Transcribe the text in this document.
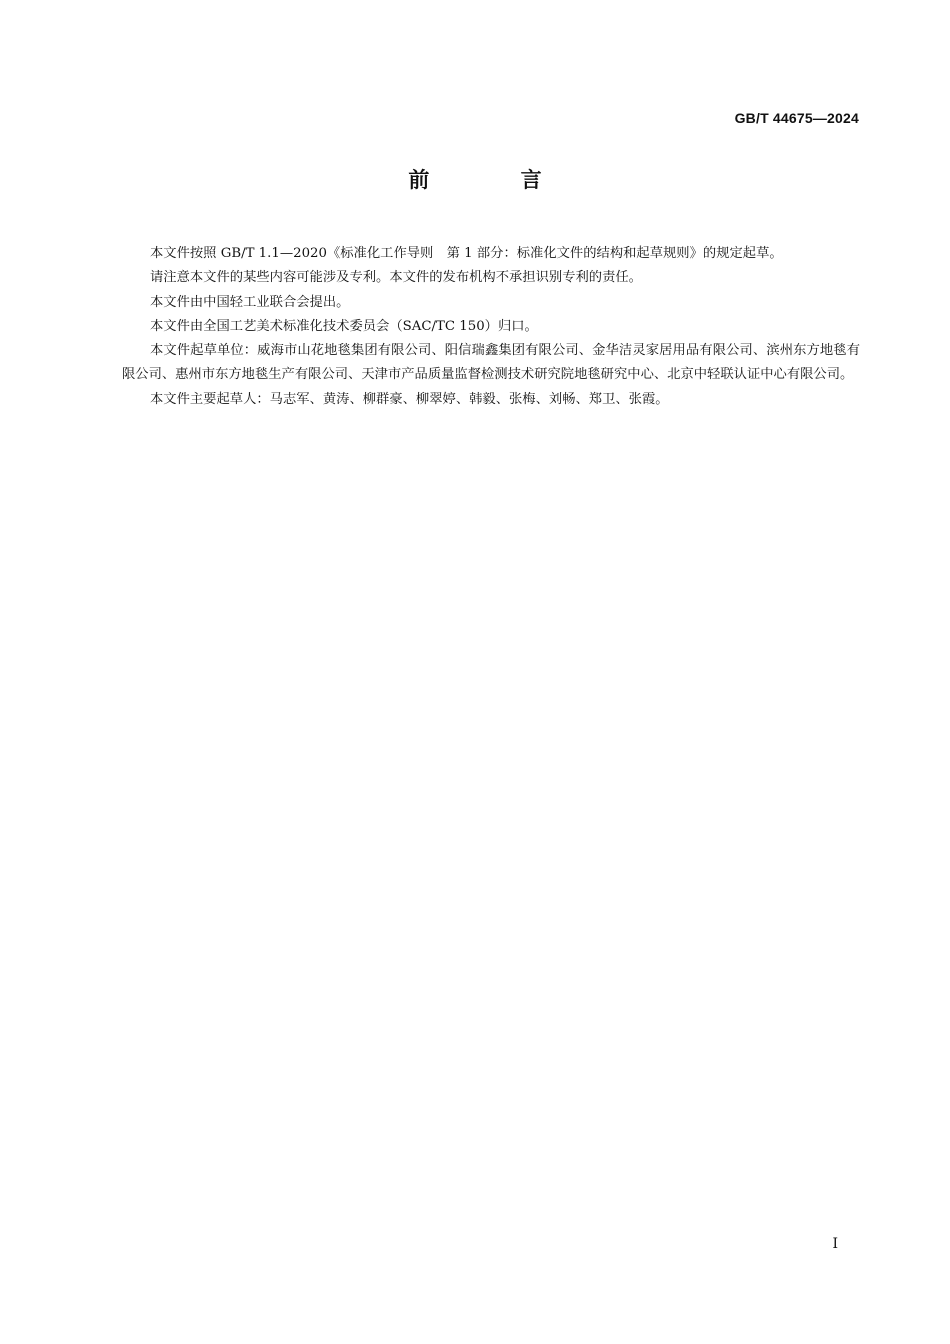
GB/T 44675—2024
前 言

本文件按照 GB/T 1.1—2020《标准化工作导则　第 1 部分：标准化文件的结构和起草规则》的规定起草。

请注意本文件的某些内容可能涉及专利。本文件的发布机构不承担识别专利的责任。

本文件由中国轻工业联合会提出。

本文件由全国工艺美术标准化技术委员会（SAC/TC 150）归口。

本文件起草单位：威海市山花地毯集团有限公司、阳信瑞鑫集团有限公司、金华洁灵家居用品有限公司、滨州东方地毯有限公司、惠州市东方地毯生产有限公司、天津市产品质量监督检测技术研究院地毯研究中心、北京中轻联认证中心有限公司。

本文件主要起草人：马志军、黄涛、柳群豪、柳翠婷、韩毅、张梅、刘畅、郑卫、张霞。

I
